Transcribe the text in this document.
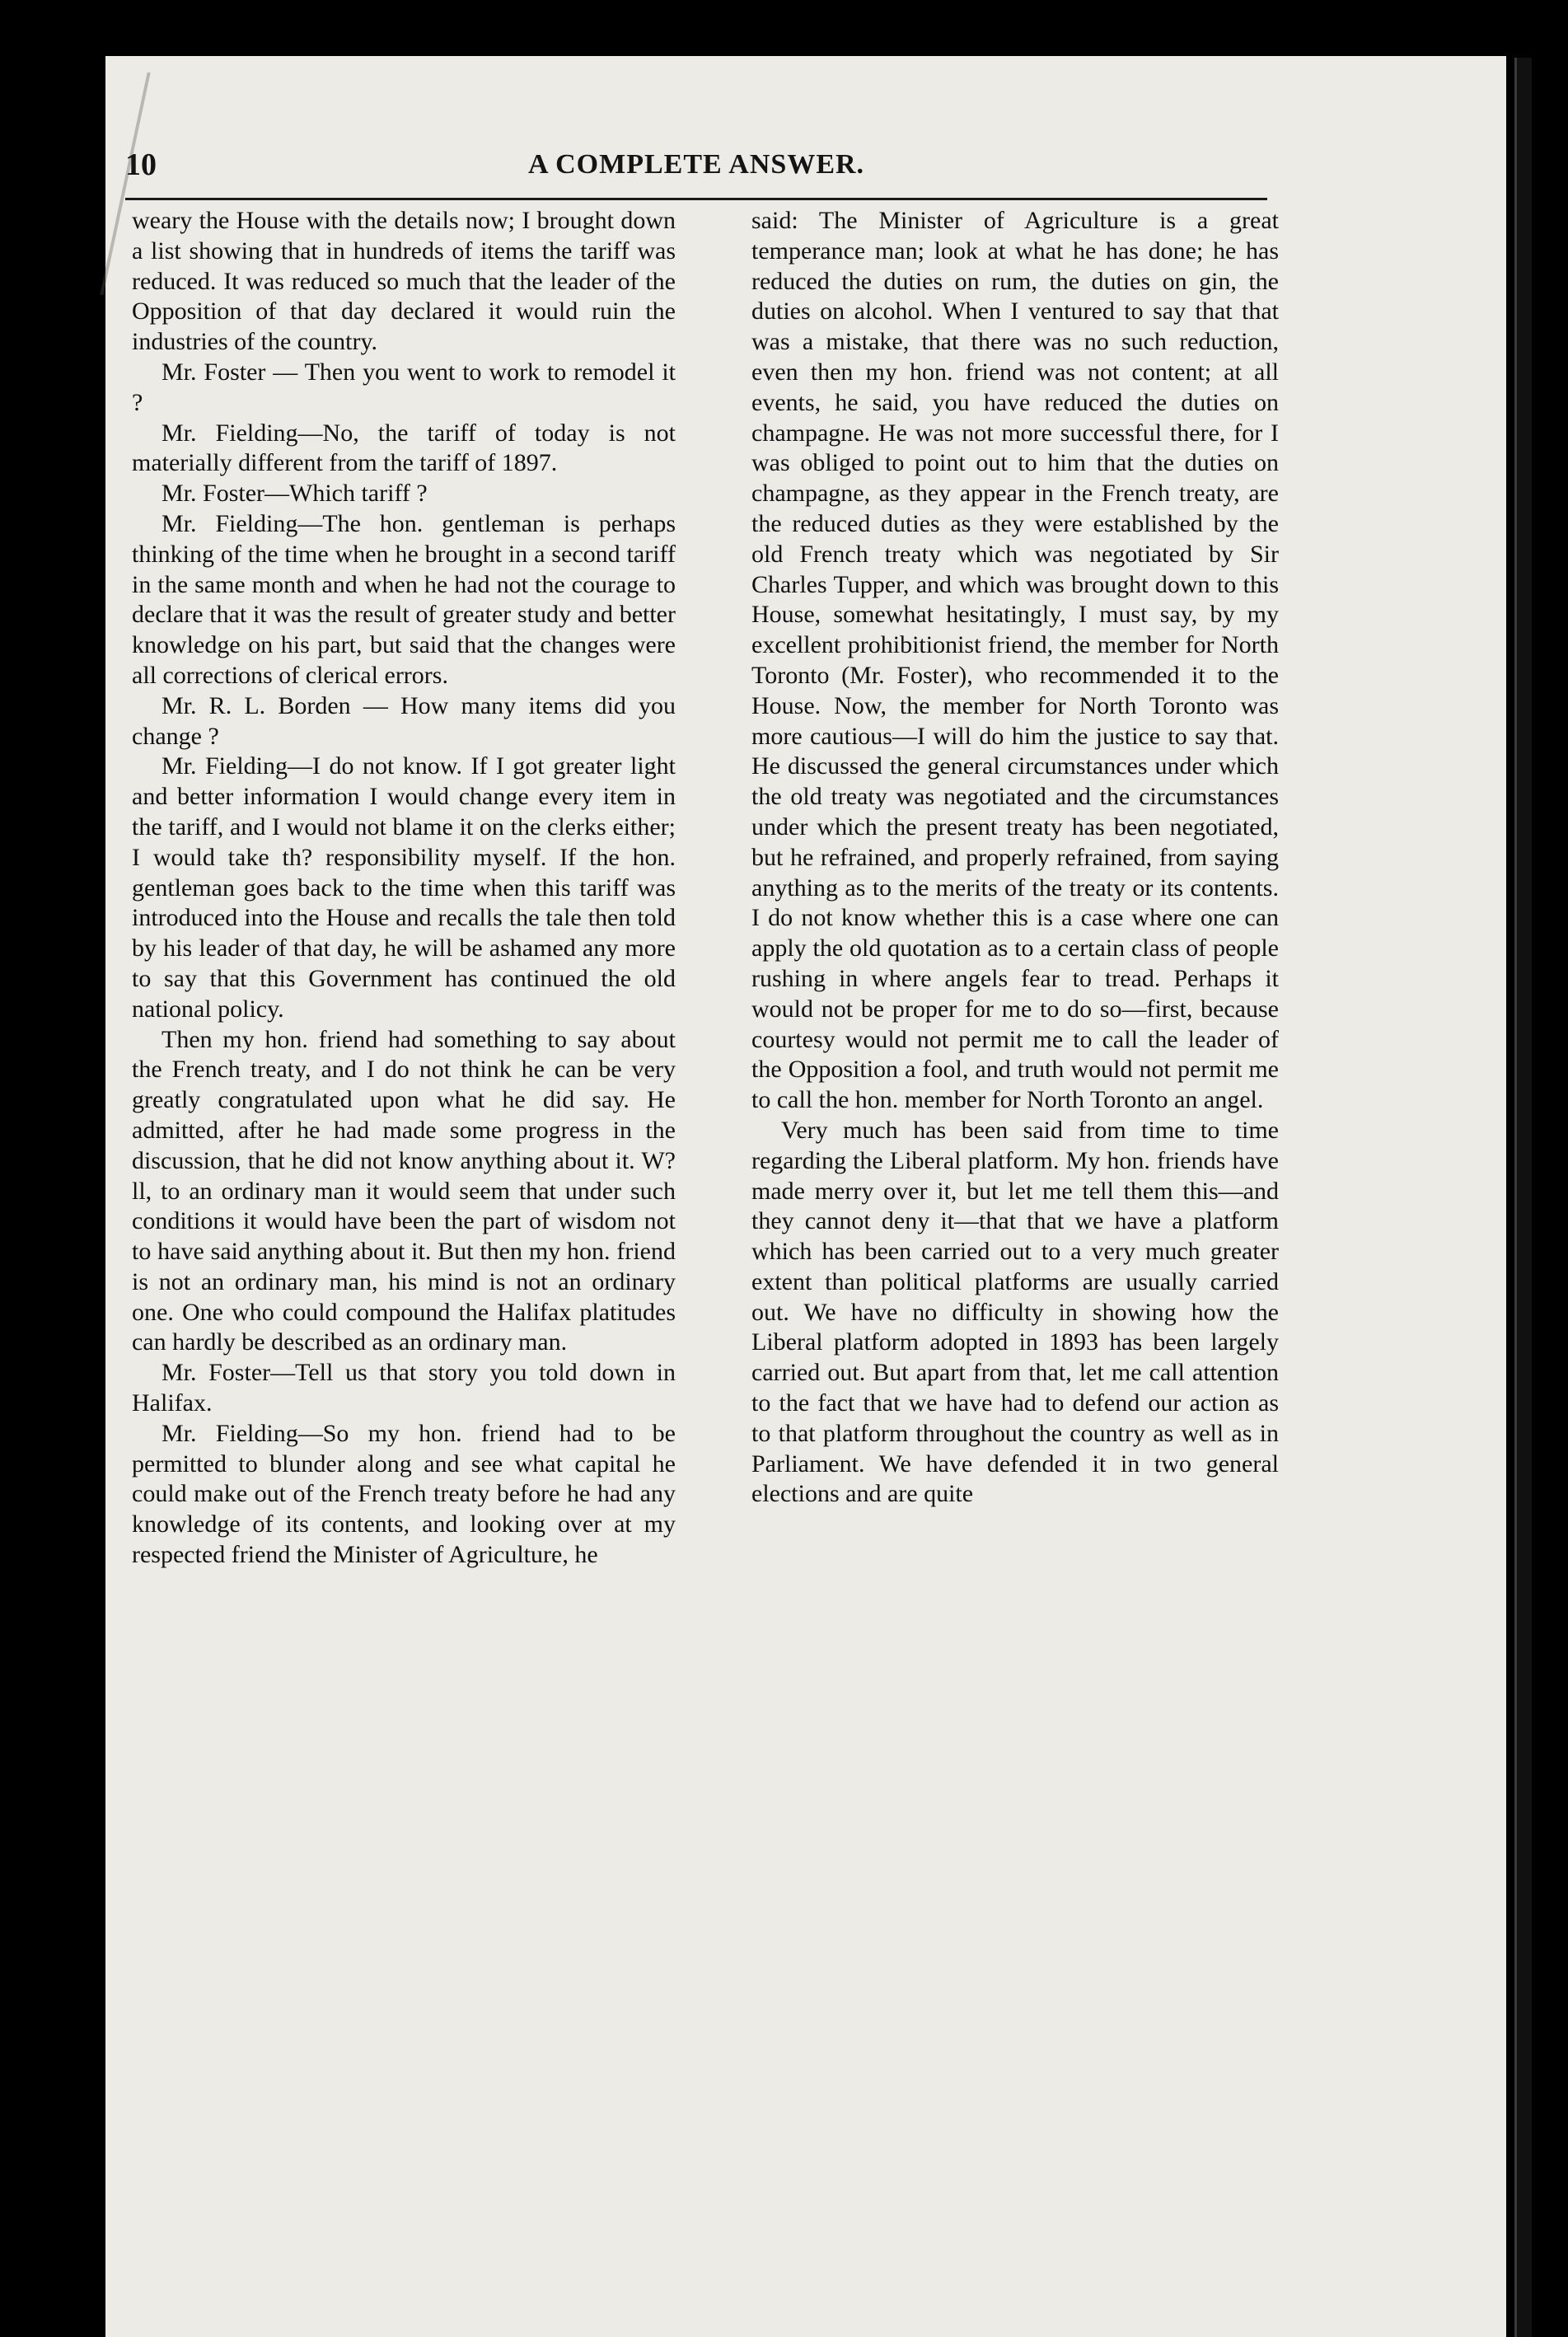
10	A COMPLETE ANSWER.

weary the House with the details now; I brought down a list showing that in hundreds of items the tariff was reduced. It was reduced so much that the leader of the Opposition of that day declared it would ruin the industries of the country.

Mr. Foster — Then you went to work to remodel it ?

Mr. Fielding—No, the tariff of today is not materially different from the tariff of 1897.

Mr. Foster—Which tariff ?

Mr. Fielding—The hon. gentleman is perhaps thinking of the time when he brought in a second tariff in the same month and when he had not the courage to declare that it was the result of greater study and better knowledge on his part, but said that the changes were all corrections of clerical errors.

Mr. R. L. Borden — How many items did you change ?

Mr. Fielding—I do not know. If I got greater light and better information I would change every item in the tariff, and I would not blame it on the clerks either; I would take th? responsibility myself. If the hon. gentleman goes back to the time when this tariff was introduced into the House and recalls the tale then told by his leader of that day, he will be ashamed any more to say that this Government has continued the old national policy.

Then my hon. friend had something to say about the French treaty, and I do not think he can be very greatly congratulated upon what he did say. He admitted, after he had made some progress in the discussion, that he did not know anything about it. W?ll, to an ordinary man it would seem that under such conditions it would have been the part of wisdom not to have said anything about it. But then my hon. friend is not an ordinary man, his mind is not an ordinary one. One who could compound the Halifax platitudes can hardly be described as an ordinary man.

Mr. Foster—Tell us that story you told down in Halifax.

Mr. Fielding—So my hon. friend had to be permitted to blunder along and see what capital he could make out of the French treaty before he had any knowledge of its contents, and looking over at my respected friend the Minister of Agriculture, he

said: The Minister of Agriculture is a great temperance man; look at what he has done; he has reduced the duties on rum, the duties on gin, the duties on alcohol. When I ventured to say that that was a mistake, that there was no such reduction, even then my hon. friend was not content; at all events, he said, you have reduced the duties on champagne. He was not more successful there, for I was obliged to point out to him that the duties on champagne, as they appear in the French treaty, are the reduced duties as they were established by the old French treaty which was negotiated by Sir Charles Tupper, and which was brought down to this House, somewhat hesitatingly, I must say, by my excellent prohibitionist friend, the member for North Toronto (Mr. Foster), who recommended it to the House. Now, the member for North Toronto was more cautious—I will do him the justice to say that. He discussed the general circumstances under which the old treaty was negotiated and the circumstances under which the present treaty has been negotiated, but he refrained, and properly refrained, from saying anything as to the merits of the treaty or its contents. I do not know whether this is a case where one can apply the old quotation as to a certain class of people rushing in where angels fear to tread. Perhaps it would not be proper for me to do so—first, because courtesy would not permit me to call the leader of the Opposition a fool, and truth would not permit me to call the hon. member for North Toronto an angel.

Very much has been said from time to time regarding the Liberal platform. My hon. friends have made merry over it, but let me tell them this—and they cannot deny it—that that we have a platform which has been carried out to a very much greater extent than political platforms are usually carried out. We have no difficulty in showing how the Liberal platform adopted in 1893 has been largely carried out. But apart from that, let me call attention to the fact that we have had to defend our action as to that platform throughout the country as well as in Parliament. We have defended it in two general elections and are quite
